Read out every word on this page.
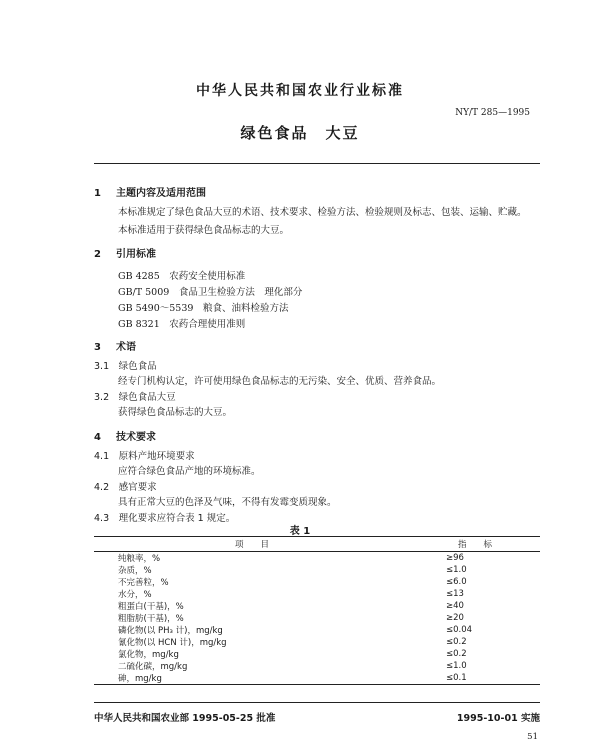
中华人民共和国农业行业标准
NY/T 285—1995
绿色食品　大豆
1 主题内容及适用范围
本标准规定了绿色食品大豆的术语、技术要求、检验方法、检验规则及标志、包装、运输、贮藏。
本标准适用于获得绿色食品标志的大豆。
2 引用标准
GB 4285　 农药安全使用标准
GB/T 5009　 食品卫生检验方法　理化部分
GB 5490～5539　 粮食、油料检验方法
GB 8321　 农药合理使用准则
3 术语
3.1　 绿色食品
经专门机构认定，许可使用绿色食品标志的无污染、安全、优质、营养食品。
3.2　 绿色食品大豆
获得绿色食品标志的大豆。
4 技术要求
4.1　 原料产地环境要求
应符合绿色食品产地的环境标准。
4.2　 感官要求
具有正常大豆的色泽及气味，不得有发霉变质现象。
4.3　 理化要求应符合表 1 规定。
表 1
项　　目	指　　标
纯粮率，%	≥96
杂质，%	≤1.0
不完善粒，%	≤6.0
水分，%	≤13
粗蛋白(干基)，%	≥40
粗脂肪(干基)，%	≥20
磷化物(以 PH₃ 计)，mg/kg	≤0.04
氰化物(以 HCN 计)，mg/kg	≤0.2
氯化物，mg/kg	≤0.2
二硫化碳，mg/kg	≤1.0
砷，mg/kg	≤0.1
中华人民共和国农业部 1995-05-25 批准	1995-10-01 实施
51
